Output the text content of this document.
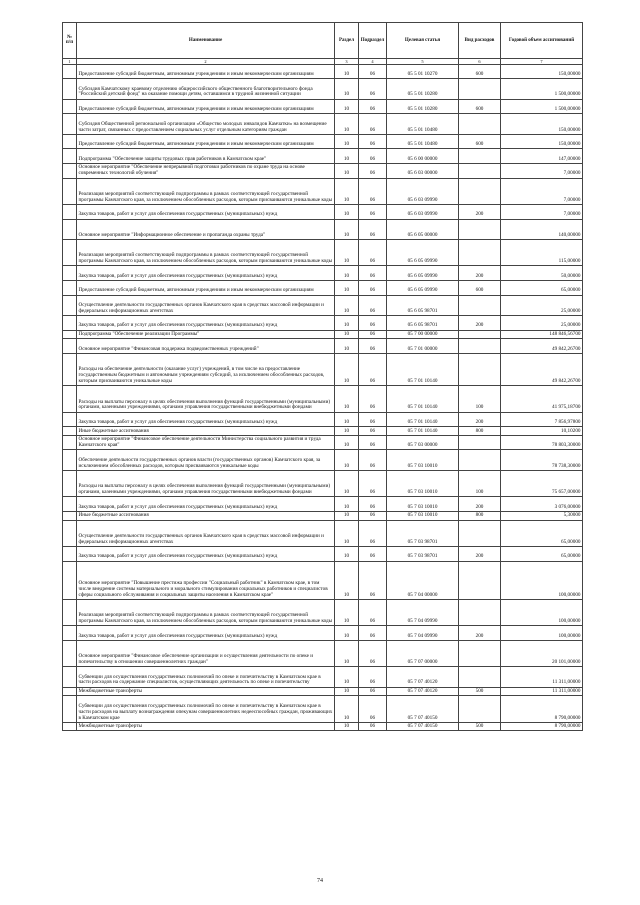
№ п/п	Наименование	Раздел	Подраздел	Целевая статья	Вид расходов	Годовой объем ассигнований
1	2	3	4	5	6	7
	Предоставление субсидий бюджетным, автономным учреждениям и иным некоммерческим организациям	10	06	05 5 01 10270	600	150,00000
	Субсидия Камчатскому краевому отделению общероссийского общественного благотворительного фонда "Российский детский фонд" на оказание помощи детям, оставшимся в трудной жизненной ситуации	10	06	05 5 01 10280		1 500,00000
	Предоставление субсидий бюджетным, автономным учреждениям и иным некоммерческим организациям	10	06	05 5 01 10280	600	1 500,00000
	Субсидия Общественной региональной организации «Общество молодых инвалидов Камчатки» на возмещение части затрат, связанных с предоставлением социальных услуг отдельным категориям граждан	10	06	05 5 01 10480		150,00000
	Предоставление субсидий бюджетным, автономным учреждениям и иным некоммерческим организациям	10	06	05 5 01 10480	600	150,00000
	Подпрограмма "Обеспечение защиты трудовых прав работников в Камчатском крае"	10	06	05 6 00 00000		147,00000
	Основное мероприятие "Обеспечение непрерывной подготовки работников по охране труда на основе современных технологий обучения"	10	06	05 6 03 00000		7,00000
	Реализация мероприятий соответствующей подпрограммы в рамках соответствующей государственной программы Камчатского края, за исключением обособленных расходов, которым присваиваются уникальные коды	10	06	05 6 03 09990		7,00000
	Закупка товаров, работ и услуг для обеспечения государственных (муниципальных) нужд	10	06	05 6 03 09990	200	7,00000
	Основное мероприятие "Информационное обеспечение и пропаганда охраны труда"	10	06	05 6 05 00000		140,00000
	Реализация мероприятий соответствующей подпрограммы в рамках соответствующей государственной программы Камчатского края, за исключением обособленных расходов, которым присваиваются уникальные коды	10	06	05 6 05 09990		115,00000
	Закупка товаров, работ и услуг для обеспечения государственных (муниципальных) нужд	10	06	05 6 05 09990	200	50,00000
	Предоставление субсидий бюджетным, автономным учреждениям и иным некоммерческим организациям	10	06	05 6 05 09990	600	65,00000
	Осуществление деятельности государственных органов Камчатского края в средствах массовой информации и федеральных информационных агентствах	10	06	05 6 05 98701		25,00000
	Закупка товаров, работ и услуг для обеспечения государственных (муниципальных) нужд	10	06	05 6 05 98701	200	25,00000
	Подпрограмма "Обеспечение реализации Программы"	10	06	05 7 00 00000		148 846,56700
	Основное мероприятие "Финансовая поддержка подведомственных учреждений"	10	06	05 7 01 00000		49 842,26700
	Расходы на обеспечение деятельности (оказание услуг) учреждений, в том числе на предоставление государственным бюджетным и автономным учреждениям субсидий, за исключением обособленных расходов, которым присваиваются уникальные коды	10	06	05 7 01 10140		49 842,26700
	Расходы на выплаты персоналу в целях обеспечения выполнения функций государственными (муниципальными) органами, казенными учреждениями, органами управления государственными внебюджетными фондами	10	06	05 7 01 10140	100	41 975,18700
	Закупка товаров, работ и услуг для обеспечения государственных (муниципальных) нужд	10	06	05 7 01 10140	200	7 856,97800
	Иные бюджетные ассигнования	10	06	05 7 01 10140	800	10,10200
	Основное мероприятие "Финансовое обеспечение деятельности Министерства социального развития и труда Камчатского края"	10	06	05 7 03 00000		78 803,30000
	Обеспечение деятельности государственных органов власти (государственных органов) Камчатского края, за исключением обособленных расходов, которым присваиваются уникальные коды	10	06	05 7 03 10010		78 738,30000
	Расходы на выплаты персоналу в целях обеспечения выполнения функций государственными (муниципальными) органами, казенными учреждениями, органами управления государственными внебюджетными фондами	10	06	05 7 03 10010	100	75 657,00000
	Закупка товаров, работ и услуг для обеспечения государственных (муниципальных) нужд	10	06	05 7 03 10010	200	3 076,00000
	Иные бюджетные ассигнования	10	06	05 7 03 10010	800	5,30000
	Осуществление деятельности государственных органов Камчатского края в средствах массовой информации и федеральных информационных агентствах	10	06	05 7 03 98701		65,00000
	Закупка товаров, работ и услуг для обеспечения государственных (муниципальных) нужд	10	06	05 7 03 98701	200	65,00000
	Основное мероприятие "Повышение престижа профессии "Социальный работник" в Камчатском крае, в том числе внедрение системы материального и морального стимулирования социальных работников и специалистов сферы социального обслуживания и социальных защиты населения в Камчатском крае"	10	06	05 7 04 00000		100,00000
	Реализация мероприятий соответствующей подпрограммы в рамках соответствующей государственной программы Камчатского края, за исключением обособленных расходов, которым присваиваются уникальные коды	10	06	05 7 04 09990		100,00000
	Закупка товаров, работ и услуг для обеспечения государственных (муниципальных) нужд	10	06	05 7 04 09990	200	100,00000
	Основное мероприятие "Финансовое обеспечение организации и осуществления деятельности по опеке и попечительству в отношении совершеннолетних граждан"	10	06	05 7 07 00000		20 101,00000
	Субвенции для осуществления государственных полномочий по опеке и попечительству в Камчатском крае в части расходов на содержание специалистов, осуществляющих деятельность по опеке и попечительству	10	06	05 7 07 40120		11 311,00000
	Межбюджетные трансферты	10	06	05 7 07 40120	500	11 311,00000
	Субвенции для осуществления государственных полномочий по опеке и попечительству в Камчатском крае в части расходов на выплату вознаграждения опекунам совершеннолетних недееспособных граждан, проживающих в Камчатском крае	10	06	05 7 07 40150		8 790,00000
	Межбюджетные трансферты	10	06	05 7 07 40150	500	8 790,00000
74
